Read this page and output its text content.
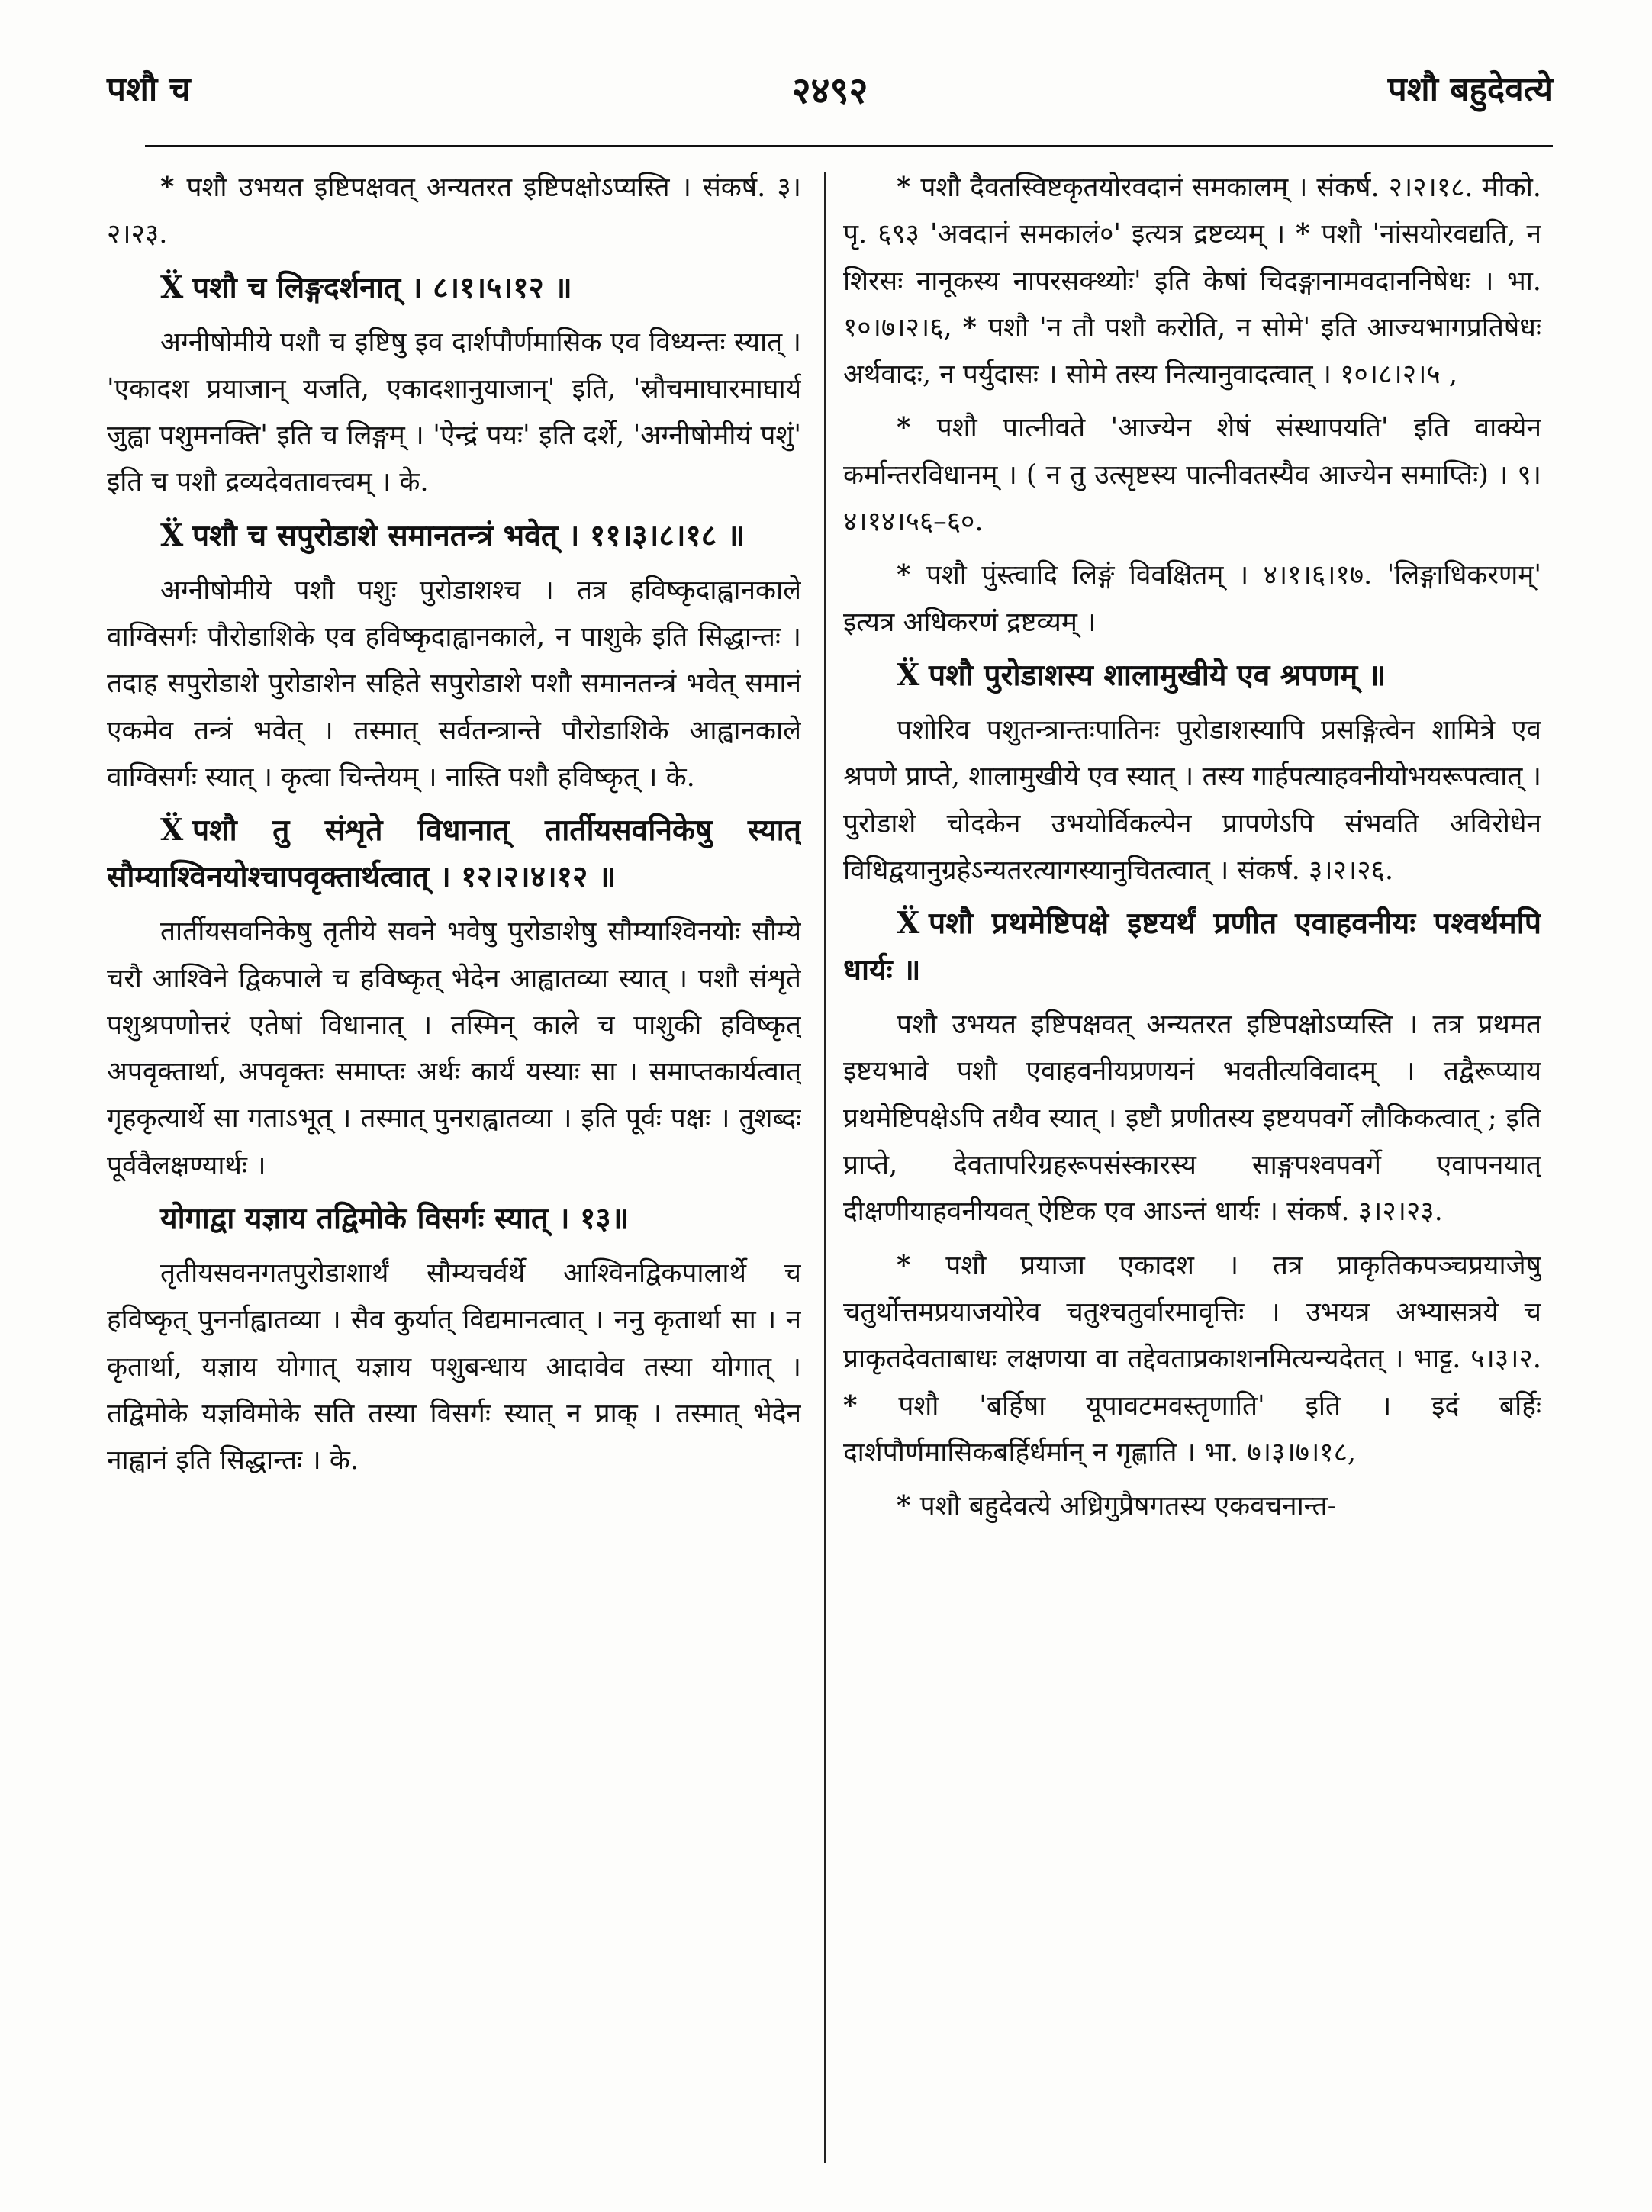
पशौ च	२४९२	पशौ बहुदेवत्ये

* पशौ उभयत इष्टिपक्षवत् अन्यतरत इष्टिपक्षोऽप्यस्ति । संकर्ष. ३।२।२३.

Ẍ पशौ च लिङ्गदर्शनात् । ८।१।५।१२ ॥

अग्नीषोमीये पशौ च इष्टिषु इव दार्शपौर्णमासिक एव विध्यन्तः स्यात् । 'एकादश प्रयाजान् यजति, एकादशानुयाजान्' इति, 'स्रौचमाघारमाघार्य जुह्वा पशुमनक्ति' इति च लिङ्गम् । 'ऐन्द्रं पयः' इति दर्शे, 'अग्नीषोमीयं पशुं' इति च पशौ द्रव्यदेवतावत्त्वम् । के.

Ẍ पशौ च सपुरोडाशे समानतन्त्रं भवेत् । ११।३।८।१८ ॥

अग्नीषोमीये पशौ पशुः पुरोडाशश्च । तत्र हविष्कृदाह्वानकाले वाग्विसर्गः पौरोडाशिके एव हविष्कृदाह्वानकाले, न पाशुके इति सिद्धान्तः । तदाह सपुरोडाशे पुरोडाशेन सहिते सपुरोडाशे पशौ समानतन्त्रं भवेत् समानं एकमेव तन्त्रं भवेत् । तस्मात् सर्वतन्त्रान्ते पौरोडाशिके आह्वानकाले वाग्विसर्गः स्यात् । कृत्वा चिन्तेयम् । नास्ति पशौ हविष्कृत् । के.

Ẍ पशौ तु संशृते विधानात् तार्तीयसवनिकेषु स्यात् सौम्याश्विनयोश्चापवृक्तार्थत्वात् । १२।२।४।१२ ॥

तार्तीयसवनिकेषु तृतीये सवने भवेषु पुरोडाशेषु सौम्याश्विनयोः सौम्ये चरौ आश्विने द्विकपाले च हविष्कृत् भेदेन आह्वातव्या स्यात् । पशौ संशृते पशुश्रपणोत्तरं एतेषां विधानात् । तस्मिन् काले च पाशुकी हविष्कृत् अपवृक्तार्था, अपवृक्तः समाप्तः अर्थः कार्यं यस्याः सा । समाप्तकार्यत्वात् गृहकृत्यार्थे सा गताऽभूत् । तस्मात् पुनराह्वातव्या । इति पूर्वः पक्षः । तुशब्दः पूर्ववैलक्षण्यार्थः ।

योगाद्वा यज्ञाय तद्विमोके विसर्गः स्यात् । १३॥

तृतीयसवनगतपुरोडाशार्थं सौम्यचर्वर्थे आश्विनद्विकपालार्थे च हविष्कृत् पुनर्नाह्वातव्या । सैव कुर्यात् विद्यमानत्वात् । ननु कृतार्था सा । न कृतार्था, यज्ञाय योगात् यज्ञाय पशुबन्धाय आदावेव तस्या योगात् । तद्विमोके यज्ञविमोके सति तस्या विसर्गः स्यात् न प्राक् । तस्मात् भेदेन नाह्वानं इति सिद्धान्तः । के.

* पशौ दैवतस्विष्टकृतयोरवदानं समकालम् । संकर्ष. २।२।१८. मीको. पृ. ६९३ 'अवदानं समकालं०' इत्यत्र द्रष्टव्यम् । * पशौ 'नांसयोरवद्यति, न शिरसः नानूकस्य नापरसक्थ्योः' इति केषां चिदङ्गानामवदाननिषेधः । भा. १०।७।२।६, * पशौ 'न तौ पशौ करोति, न सोमे' इति आज्यभागप्रतिषेधः अर्थवादः, न पर्युदासः । सोमे तस्य नित्यानुवादत्वात् । १०।८।२।५ ,

* पशौ पात्नीवते 'आज्येन शेषं संस्थापयति' इति वाक्येन कर्मान्तरविधानम् । ( न तु उत्सृष्टस्य पात्नीवतस्यैव आज्येन समाप्तिः) । ९।४।१४।५६–६०.

* पशौ पुंस्त्वादि लिङ्गं विवक्षितम् । ४।१।६।१७. 'लिङ्गाधिकरणम्' इत्यत्र अधिकरणं द्रष्टव्यम् ।

Ẍ पशौ पुरोडाशस्य शालामुखीये एव श्रपणम् ॥

पशोरिव पशुतन्त्रान्तःपातिनः पुरोडाशस्यापि प्रसङ्गित्वेन शामित्रे एव श्रपणे प्राप्ते, शालामुखीये एव स्यात् । तस्य गार्हपत्याहवनीयोभयरूपत्वात् । पुरोडाशे चोदकेन उभयोर्विकल्पेन प्रापणेऽपि संभवति अविरोधेन विधिद्वयानुग्रहेऽन्यतरत्यागस्यानुचितत्वात् । संकर्ष. ३।२।२६.

Ẍ पशौ प्रथमेष्टिपक्षे इष्टयर्थं प्रणीत एवाहवनीयः पश्वर्थमपि धार्यः ॥

पशौ उभयत इष्टिपक्षवत् अन्यतरत इष्टिपक्षोऽप्यस्ति । तत्र प्रथमत इष्टयभावे पशौ एवाहवनीयप्रणयनं भवतीत्यविवादम् । तद्वैरूप्याय प्रथमेष्टिपक्षेऽपि तथैव स्यात् । इष्टौ प्रणीतस्य इष्टयपवर्गे लौकिकत्वात् ; इति प्राप्ते, देवतापरिग्रहरूपसंस्कारस्य साङ्गपश्वपवर्गे एवापनयात् दीक्षणीयाहवनीयवत् ऐष्टिक एव आऽन्तं धार्यः । संकर्ष. ३।२।२३.

* पशौ प्रयाजा एकादश । तत्र प्राकृतिकपञ्चप्रयाजेषु चतुर्थोत्तमप्रयाजयोरेव चतुश्चतुर्वारमावृत्तिः । उभयत्र अभ्यासत्रये च प्राकृतदेवताबाधः लक्षणया वा तद्देवताप्रकाशनमित्यन्यदेतत् । भाट्ट. ५।३।२. * पशौ 'बर्हिषा यूपावटमवस्तृणाति' इति । इदं बर्हिः दार्शपौर्णमासिकबर्हिर्धर्मान् न गृह्णाति । भा. ७।३।७।१८,

* पशौ बहुदेवत्ये अध्रिगुप्रैषगतस्य एकवचनान्त-
